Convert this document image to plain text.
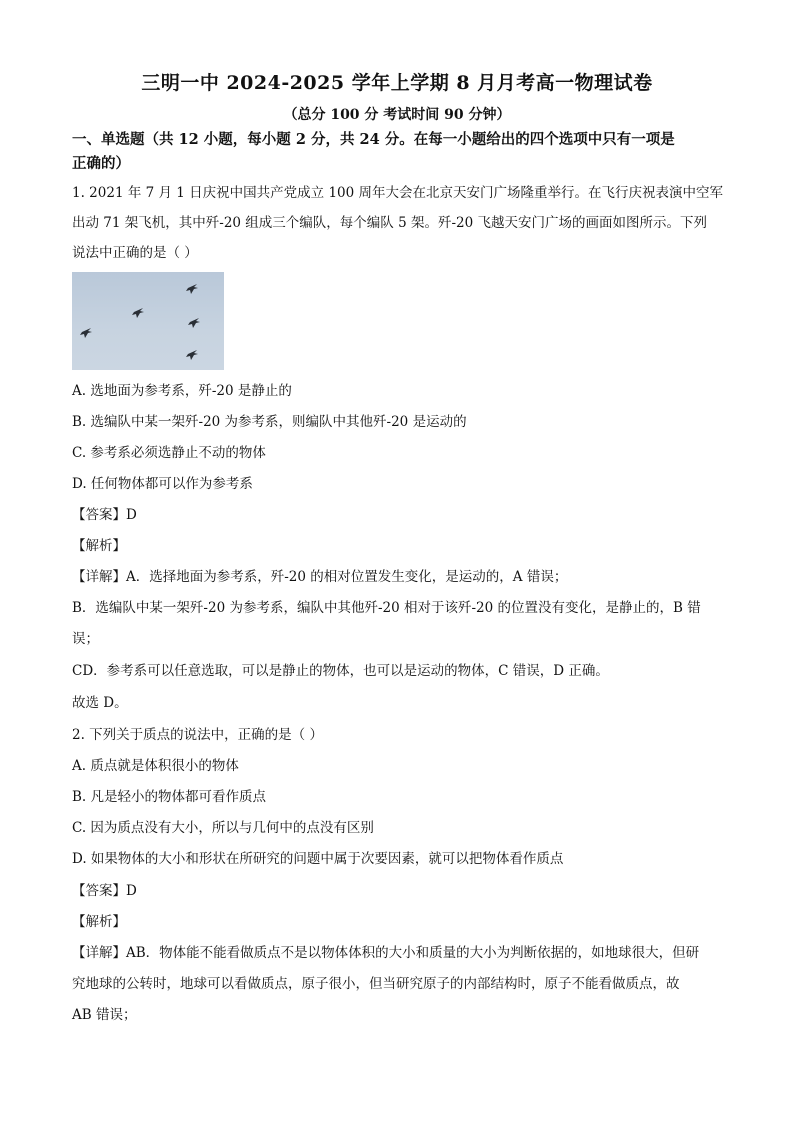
三明一中 2024-2025 学年上学期 8 月月考高一物理试卷
（总分 100 分 考试时间 90 分钟）
一、单选题（共 12 小题，每小题 2 分，共 24 分。在每一小题给出的四个选项中只有一项是
正确的）
1. 2021 年 7 月 1 日庆祝中国共产党成立 100 周年大会在北京天安门广场隆重举行。在飞行庆祝表演中空军
出动 71 架飞机，其中歼-20 组成三个编队，每个编队 5 架。歼-20 飞越天安门广场的画面如图所示。下列
说法中正确的是（ ）
A. 选地面为参考系，歼-20 是静止的
B. 选编队中某一架歼-20 为参考系，则编队中其他歼-20 是运动的
C. 参考系必须选静止不动的物体
D. 任何物体都可以作为参考系
【答案】D
【解析】
【详解】A．选择地面为参考系，歼-20 的相对位置发生变化，是运动的，A 错误；
B．选编队中某一架歼-20 为参考系，编队中其他歼-20 相对于该歼-20 的位置没有变化，是静止的，B 错
误；
CD．参考系可以任意选取，可以是静止的物体，也可以是运动的物体，C 错误，D 正确。
故选 D。
2. 下列关于质点的说法中，正确的是（ ）
A. 质点就是体积很小的物体
B. 凡是轻小的物体都可看作质点
C. 因为质点没有大小，所以与几何中的点没有区别
D. 如果物体的大小和形状在所研究的问题中属于次要因素，就可以把物体看作质点
【答案】D
【解析】
【详解】AB．物体能不能看做质点不是以物体体积的大小和质量的大小为判断依据的，如地球很大，但研
究地球的公转时，地球可以看做质点，原子很小，但当研究原子的内部结构时，原子不能看做质点，故
AB 错误；
